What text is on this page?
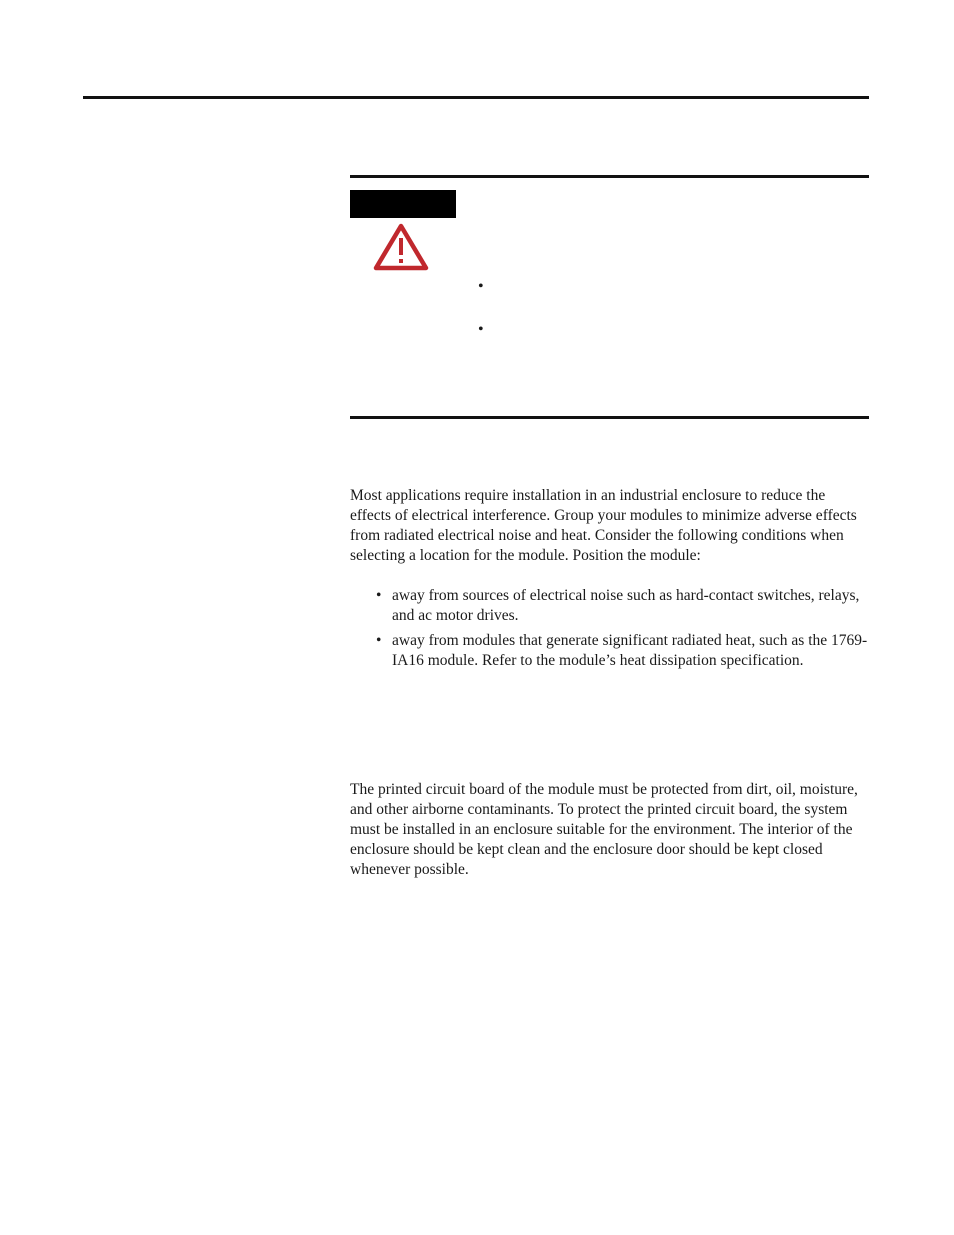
•
•

Most applications require installation in an industrial enclosure to reduce the effects of electrical interference. Group your modules to minimize adverse effects from radiated electrical noise and heat. Consider the following conditions when selecting a location for the module. Position the module:

• away from sources of electrical noise such as hard-contact switches, relays, and ac motor drives.
• away from modules that generate significant radiated heat, such as the 1769-IA16 module. Refer to the module’s heat dissipation specification.

The printed circuit board of the module must be protected from dirt, oil, moisture, and other airborne contaminants. To protect the printed circuit board, the system must be installed in an enclosure suitable for the environment. The interior of the enclosure should be kept clean and the enclosure door should be kept closed whenever possible.
